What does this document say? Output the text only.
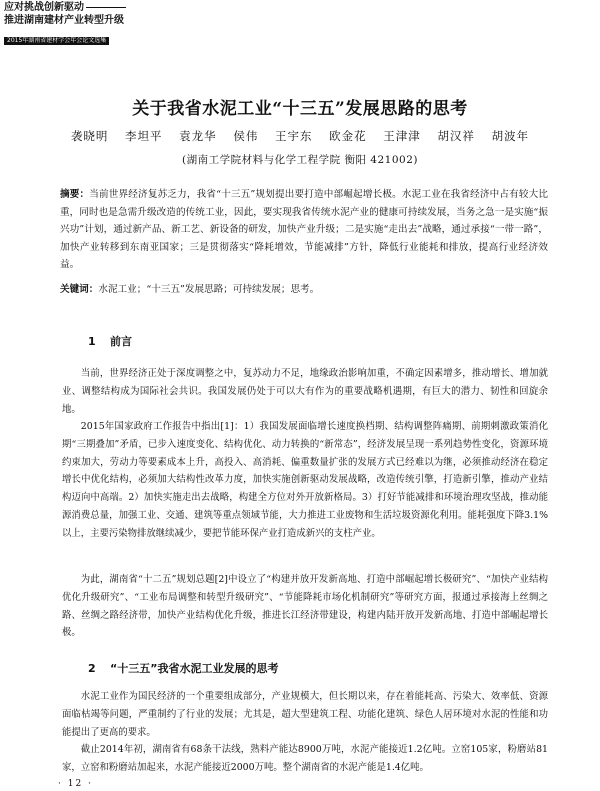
应对挑战创新驱动
推进湖南建材产业转型升级
2015年湖南省建材学会年会论文选集
关于我省水泥工业“十三五”发展思路的思考
袭晓明 李坦平 袁龙华 侯伟 王宇东 欧金花 王津津 胡汉祥 胡波年
(湖南工学院材料与化学工程学院 衡阳 421002)
摘要：当前世界经济复苏乏力，我省“十三五”规划提出要打造中部崛起增长极。水泥工业在我省经济中占有较大比重，同时也是急需升级改造的传统工业，因此，要实现我省传统水泥产业的健康可持续发展，当务之急一是实施“振兴功”计划，通过新产品、新工艺、新设备的研发，加快产业升级；二是实施“走出去”战略，通过承接“一带一路”，加快产业转移到东南亚国家；三是贯彻落实“降耗增效，节能减排”方针，降低行业能耗和排放，提高行业经济效益。
关键词：水泥工业；“十三五”发展思路；可持续发展；思考。
1 前言
当前，世界经济正处于深度调整之中，复苏动力不足，地缘政治影响加重，不确定因素增多，推动增长、增加就业、调整结构成为国际社会共识。我国发展仍处于可以大有作为的重要战略机遇期，有巨大的潜力、韧性和回旋余地。
2015年国家政府工作报告中指出[1]：1）我国发展面临增长速度换档期、结构调整阵痛期、前期刺激政策消化期“三期叠加”矛盾，已步入速度变化、结构优化、动力转换的“新常态”，经济发展呈现一系列趋势性变化，资源环境约束加大，劳动力等要素成本上升，高投入、高消耗、偏重数量扩张的发展方式已经难以为继，必须推动经济在稳定增长中优化结构，必须加大结构性改革力度，加快实施创新驱动发展战略，改造传统引擎，打造新引擎，推动产业结构迈向中高端。2）加快实施走出去战略，构建全方位对外开放新格局。3）打好节能减排和环境治理攻坚战，推动能源消费总量，加强工业、交通、建筑等重点领域节能，大力推进工业废物和生活垃圾资源化利用。能耗强度下降3.1%以上，主要污染物排放继续减少，要把节能环保产业打造成新兴的支柱产业。
为此，湖南省“十二五”规划总题[2]中设立了“构建并放开发新高地、打造中部崛起增长极研究”、“加快产业结构优化升级研究”、“工业布局调整和转型升级研究”、“节能降耗市场化机制研究”等研究方面，报通过承接海上丝绸之路、丝绸之路经济带，加快产业结构优化升级，推进长江经济带建设，构建内陆开放开发新高地、打造中部崛起增长极。
2 “十三五”我省水泥工业发展的思考
水泥工业作为国民经济的一个重要组成部分，产业规模大，但长期以来，存在着能耗高、污染大、效率低、资源面临枯竭等问题，严重制约了行业的发展；尤其是，超大型建筑工程、功能化建筑、绿色人居环境对水泥的性能和功能提出了更高的要求。
截止2014年初，湖南省有68条干法线，熟料产能达8900万吨，水泥产能接近1.2亿吨。立窑105家，粉磨站81家，立窑和粉磨站加起来，水泥产能接近2000万吨。整个湖南省的水泥产能是1.4亿吨。
· 12 ·
